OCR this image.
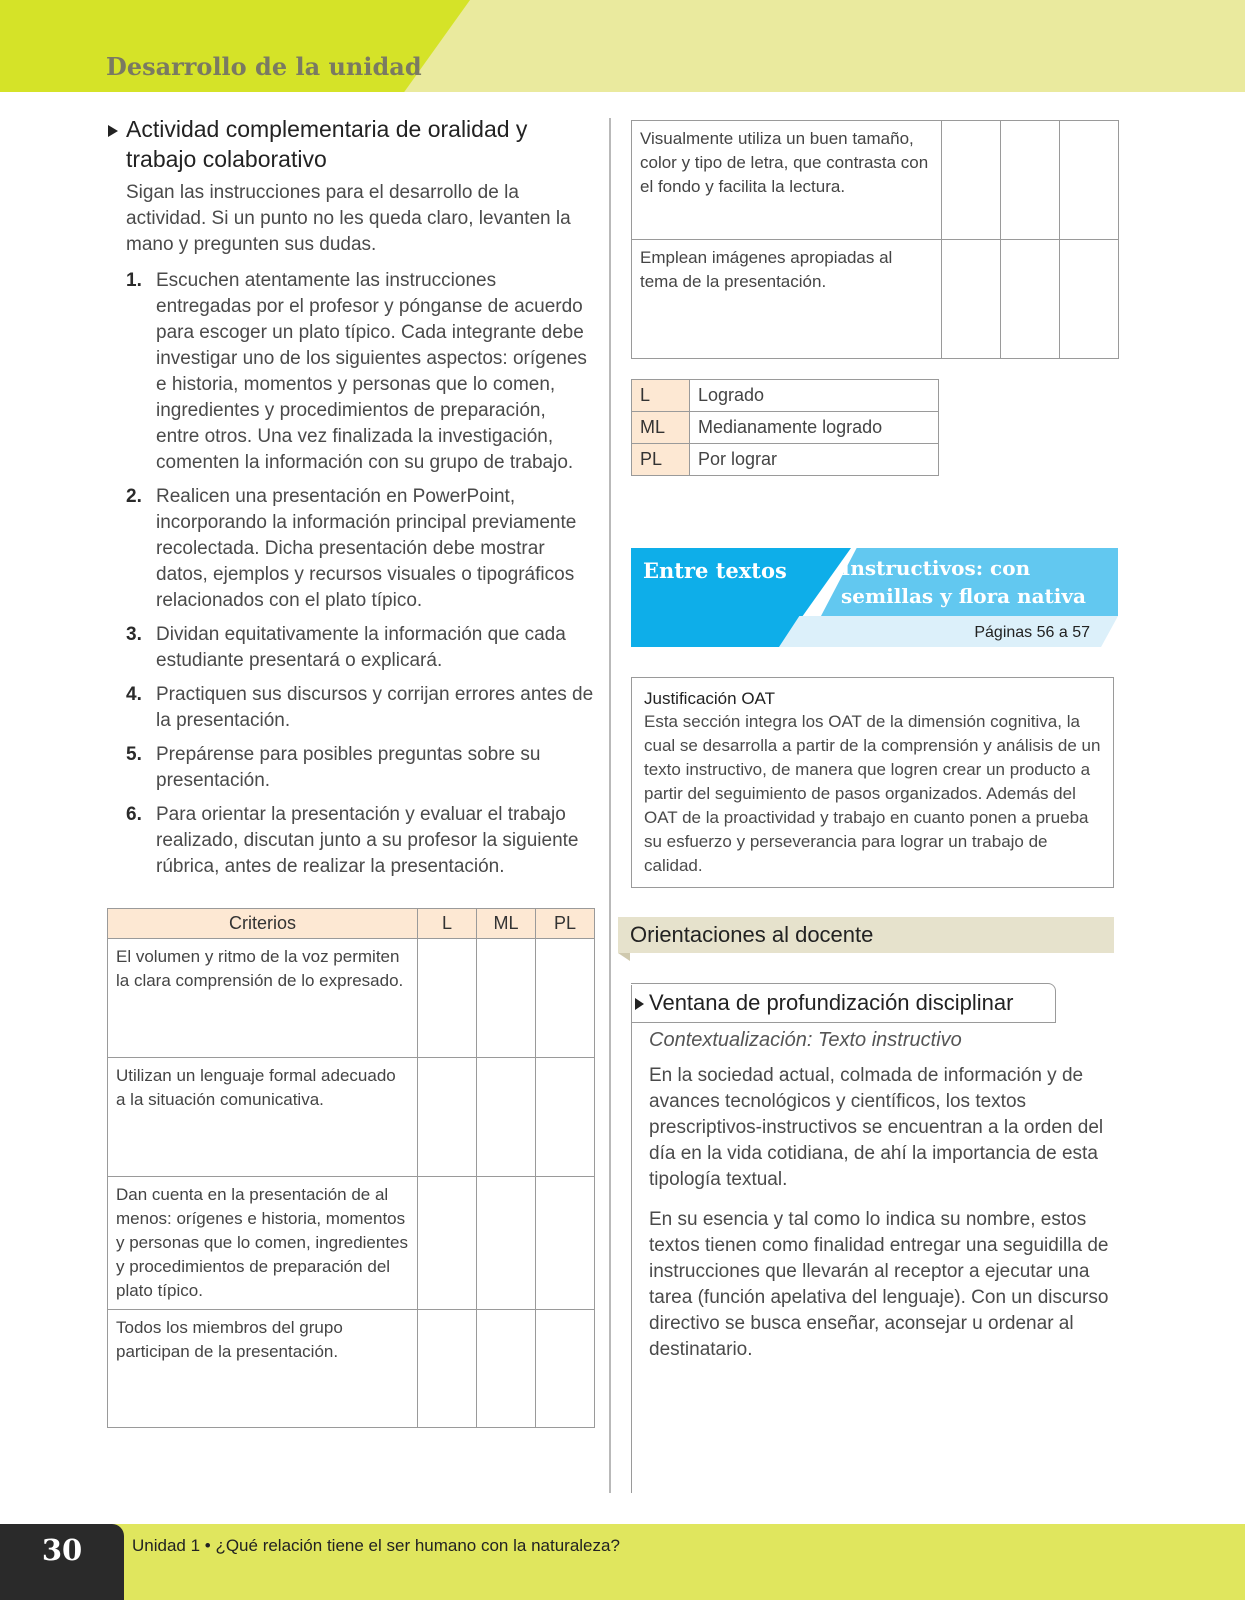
Desarrollo de la unidad
Actividad complementaria de oralidad y trabajo colaborativo

Sigan las instrucciones para el desarrollo de la actividad. Si un punto no les queda claro, levanten la mano y pregunten sus dudas.

1. Escuchen atentamente las instrucciones entregadas por el profesor y pónganse de acuerdo para escoger un plato típico. Cada integrante debe investigar uno de los siguientes aspectos: orígenes e historia, momentos y personas que lo comen, ingredientes y procedimientos de preparación, entre otros. Una vez finalizada la investigación, comenten la información con su grupo de trabajo.
2. Realicen una presentación en PowerPoint, incorporando la información principal previamente recolectada. Dicha presentación debe mostrar datos, ejemplos y recursos visuales o tipográficos relacionados con el plato típico.
3. Dividan equitativamente la información que cada estudiante presentará o explicará.
4. Practiquen sus discursos y corrijan errores antes de la presentación.
5. Prepárense para posibles preguntas sobre su presentación.
6. Para orientar la presentación y evaluar el trabajo realizado, discutan junto a su profesor la siguiente rúbrica, antes de realizar la presentación.
Criterios	L	ML	PL
El volumen y ritmo de la voz permiten la clara comprensión de lo expresado.			
Utilizan un lenguaje formal adecuado a la situación comunicativa.			
Dan cuenta en la presentación de al menos: orígenes e historia, momentos y personas que lo comen, ingredientes y procedimientos de preparación del plato típico.			
Todos los miembros del grupo participan de la presentación.			
Visualmente utiliza un buen tamaño, color y tipo de letra, que contrasta con el fondo y facilita la lectura.			
Emplean imágenes apropiadas al tema de la presentación.			
L	Logrado
ML	Medianamente logrado
PL	Por lograr
Entre textos	Instructivos: con semillas y flora nativa
Páginas 56 a 57
Justificación OAT
Esta sección integra los OAT de la dimensión cognitiva, la cual se desarrolla a partir de la comprensión y análisis de un texto instructivo, de manera que logren crear un producto a partir del seguimiento de pasos organizados. Además del OAT de la proactividad y trabajo en cuanto ponen a prueba su esfuerzo y perseverancia para lograr un trabajo de calidad.
Orientaciones al docente
Ventana de profundización disciplinar
Contextualización: Texto instructivo

En la sociedad actual, colmada de información y de avances tecnológicos y científicos, los textos prescriptivos-instructivos se encuentran a la orden del día en la vida cotidiana, de ahí la importancia de esta tipología textual.

En su esencia y tal como lo indica su nombre, estos textos tienen como finalidad entregar una seguidilla de instrucciones que llevarán al receptor a ejecutar una tarea (función apelativa del lenguaje). Con un discurso directivo se busca enseñar, aconsejar u ordenar al destinatario.

30	Unidad 1 • ¿Qué relación tiene el ser humano con la naturaleza?
